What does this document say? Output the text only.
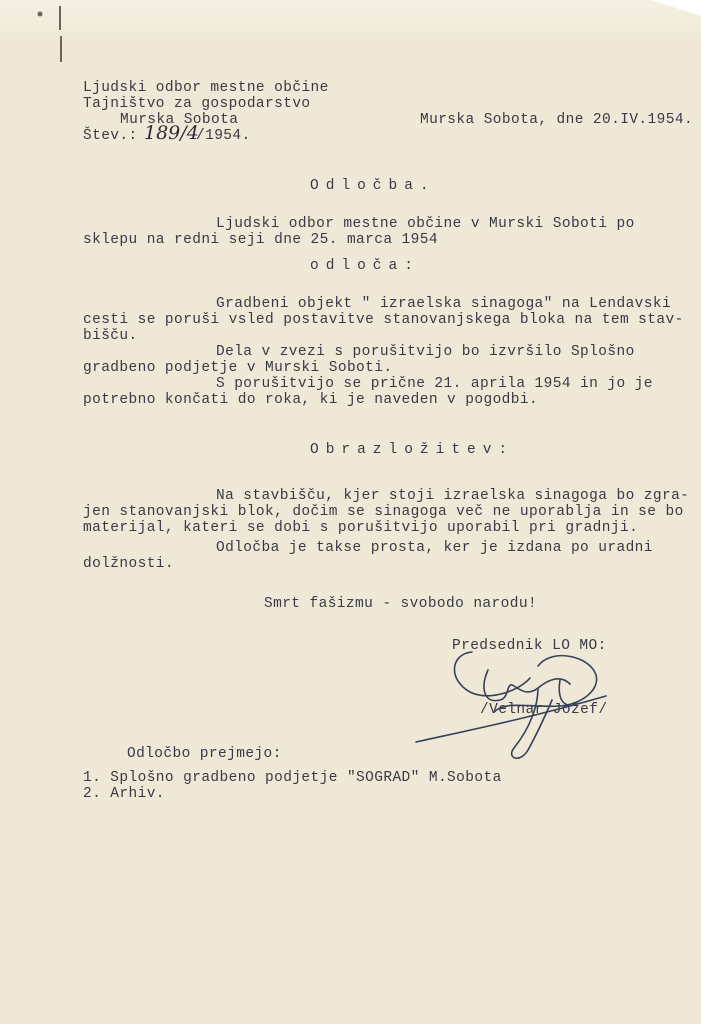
Ljudski odbor mestne občine
Tajništvo za gospodarstvo
Murska Sobota
Štev.: 189/4
/1954.
Murska Sobota, dne 20.IV.1954.
Odločba.
Ljudski odbor mestne občine v Murski Soboti po
sklepu na redni seji dne 25. marca 1954
odloča:
Gradbeni objekt " izraelska sinagoga" na Lendavski
cesti se poruši vsled postavitve stanovanjskega bloka na tem stav-
bišču.
Dela v zvezi s porušitvijo bo izvršilo Splošno
gradbeno podjetje v Murski Soboti.
S porušitvijo se prične 21. aprila 1954 in jo je
potrebno končati do roka, ki je naveden v pogodbi.
Obrazložitev:
Na stavbišču, kjer stoji izraelska sinagoga bo zgra-
jen stanovanjski blok, dočim se sinagoga več ne uporablja in se bo
materijal, kateri se dobi s porušitvijo uporabil pri gradnji.
Odločba je takse prosta, ker je izdana po uradni
dolžnosti.
Smrt fašizmu - svobodo narodu!
Predsednik LO MO:
/Velnar Jožef/
Odločbo prejmejo:
1. Splošno gradbeno podjetje "SOGRAD" M.Sobota
2. Arhiv.
